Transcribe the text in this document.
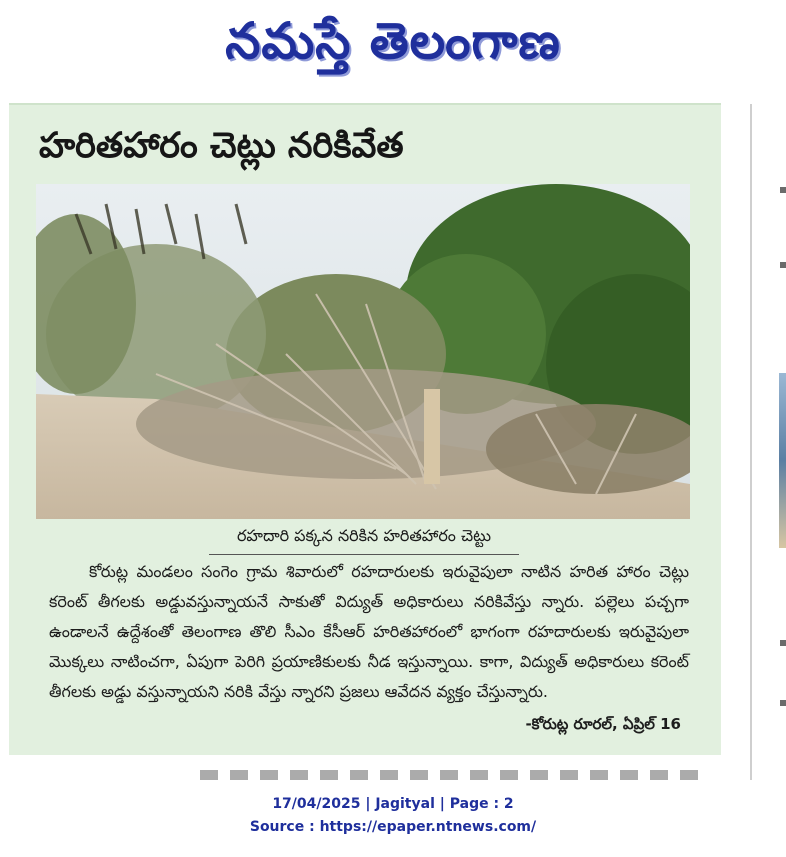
నమస్తే తెలంగాణ
హరితహారం చెట్లు నరికివేత
రహదారి పక్కన నరికిన హరితహారం చెట్టు
కోరుట్ల మండలం సంగెం గ్రామ శివారులో రహదారులకు ఇరువైపులా నాటిన హరిత హారం చెట్లు కరెంట్ తీగలకు అడ్డువస్తున్నాయనే సాకుతో విద్యుత్ అధికారులు నరికివేస్తు న్నారు. పల్లెలు పచ్చగా ఉండాలనే ఉద్దేశంతో తెలంగాణ తొలి సీఎం కేసీఆర్ హరితహారంలో భాగంగా రహదారులకు ఇరువైపులా మొక్కలు నాటించగా, ఏపుగా పెరిగి ప్రయాణికులకు నీడ ఇస్తున్నాయి. కాగా, విద్యుత్ అధికారులు కరెంట్ తీగలకు అడ్డు వస్తున్నాయని నరికి వేస్తు న్నారని ప్రజలు ఆవేదన వ్యక్తం చేస్తున్నారు.
-కోరుట్ల రూరల్, ఏప్రిల్ 16
17/04/2025 | Jagityal | Page : 2
Source : https://epaper.ntnews.com/
